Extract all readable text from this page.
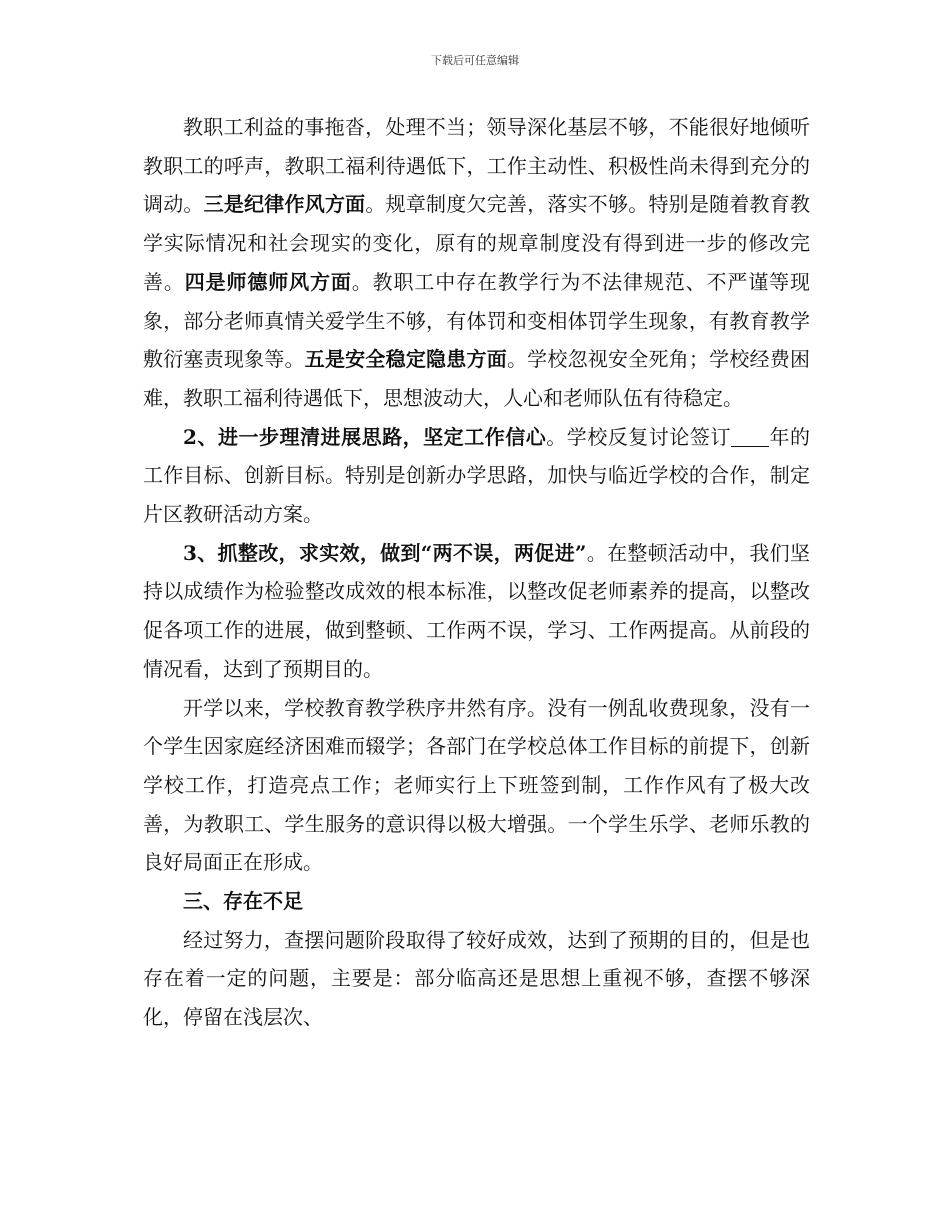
下载后可任意编辑

教职工利益的事拖沓，处理不当；领导深化基层不够，不能很好地倾听教职工的呼声，教职工福利待遇低下，工作主动性、积极性尚未得到充分的调动。三是纪律作风方面。规章制度欠完善，落实不够。特别是随着教育教学实际情况和社会现实的变化，原有的规章制度没有得到进一步的修改完善。四是师德师风方面。教职工中存在教学行为不法律规范、不严谨等现象，部分老师真情关爱学生不够，有体罚和变相体罚学生现象，有教育教学敷衍塞责现象等。五是安全稳定隐患方面。学校忽视安全死角；学校经费困难，教职工福利待遇低下，思想波动大，人心和老师队伍有待稳定。

2、进一步理清进展思路，坚定工作信心。学校反复讨论签订 年的工作目标、创新目标。特别是创新办学思路，加快与临近学校的合作，制定片区教研活动方案。

3、抓整改，求实效，做到“两不误，两促进”。在整顿活动中，我们坚持以成绩作为检验整改成效的根本标准，以整改促老师素养的提高，以整改促各项工作的进展，做到整顿、工作两不误，学习、工作两提高。从前段的情况看，达到了预期目的。

开学以来，学校教育教学秩序井然有序。没有一例乱收费现象，没有一个学生因家庭经济困难而辍学；各部门在学校总体工作目标的前提下，创新学校工作，打造亮点工作；老师实行上下班签到制，工作作风有了极大改善，为教职工、学生服务的意识得以极大增强。一个学生乐学、老师乐教的良好局面正在形成。

三、存在不足

经过努力，查摆问题阶段取得了较好成效，达到了预期的目的，但是也存在着一定的问题，主要是：部分临高还是思想上重视不够，查摆不够深化，停留在浅层次、
